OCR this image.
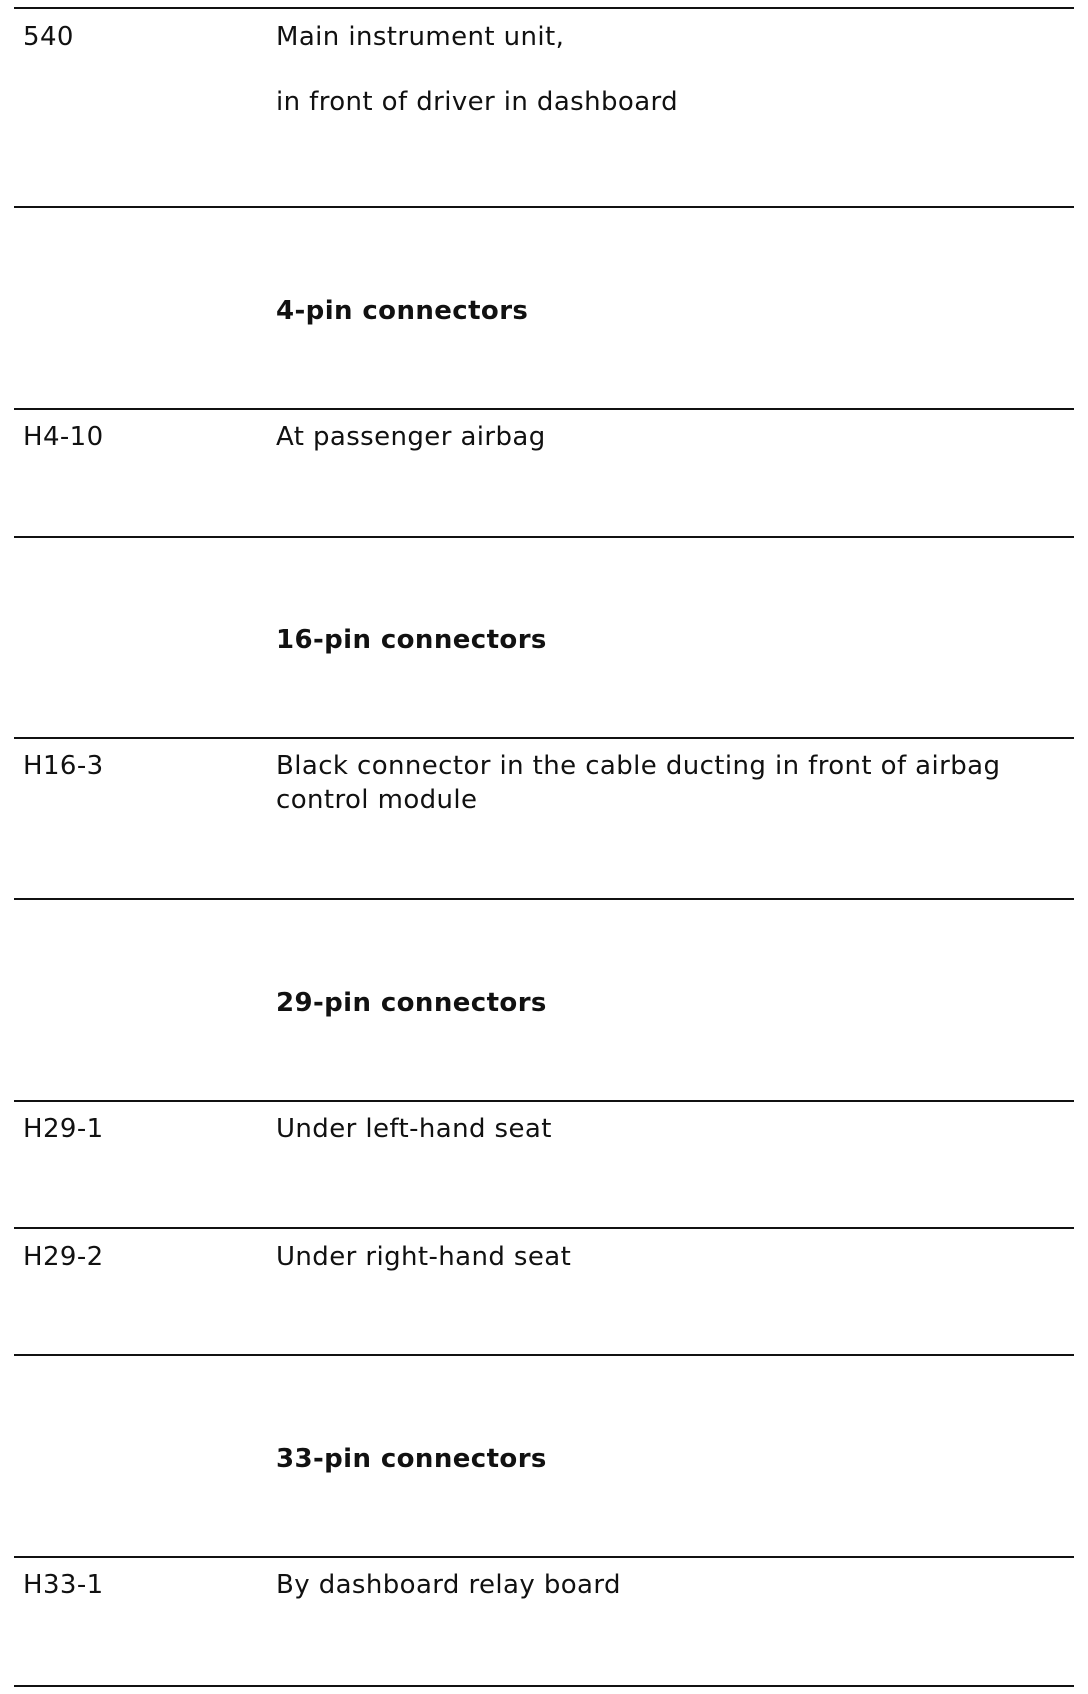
540	Main instrument unit,
in front of driver in dashboard
4-pin connectors
H4-10	At passenger airbag
16-pin connectors
H16-3	Black connector in the cable ducting in front of airbag control module
29-pin connectors
H29-1	Under left-hand seat
H29-2	Under right-hand seat
33-pin connectors
H33-1	By dashboard relay board
